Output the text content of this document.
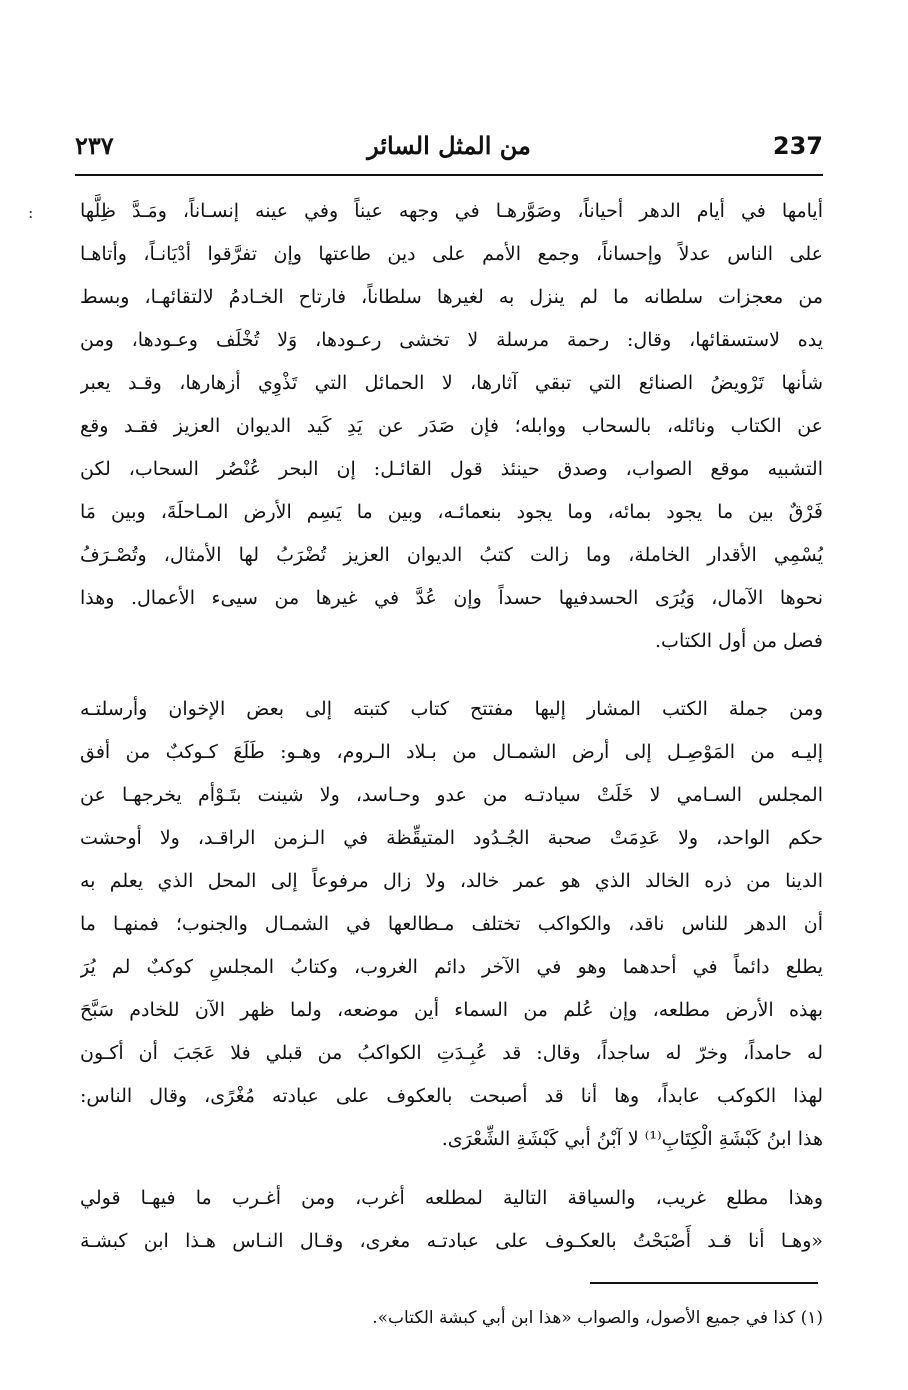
237
من المثل السائر
٢٣٧
: أيامها في أيام الدهر أحياناً، وصَوَّرهـا في وجهه عيناً وفي عينه إنسـاناً، ومَـدَّ ظِلَّها
على الناس عدلاً وإحساناً، وجمع الأمم على دين طاعتها وإن تفرَّقوا أدْيَانـاً، وأتاهـا
من معجزات سلطانه ما لم ينزل به لغيرها سلطاناً، فارتاح الخـادمُ لالتقائهـا، وبسط
يده لاستسقائها، وقال: رحمة مرسلة لا تخشى رعـودها، وَلا تُخْلَف وعـودها، ومن
شأنها تَرْويضُ الصنائع التي تبقي آثارها، لا الحمائل التي تَذْوِي أزهارها، وقـد يعبر
عن الكتاب ونائله، بالسحاب ووابله؛ فإن صَدَر عن يَدِ كَيد الديوان العزيز فقـد وقع
التشبيه موقع الصواب، وصدق حينئذ قول القائـل: إن البحر عُنْصُر السحاب، لكن
فَرْقٌ بين ما يجود بمائه، وما يجود بنعمائـه، وبين ما يَسِم الأرض المـاحلَةَ، وبين مَا
يُسْمِي الأقدار الخاملة، وما زالت كتبُ الديوان العزيز تُضْرَبُ لها الأمثال، وتُصْـرَفُ
نحوها الآمال، وَيُرَى الحسدفيها حسداً وإن عُدَّ في غيرها من سيىء الأعمال. وهذا
فصل من أول الكتاب.
ومن جملة الكتب المشار إليها مفتتح كتاب كتبته إلى بعض الإخوان وأرسلتـه
إليـه من المَوْصِـل إلى أرض الشمـال من بـلاد الـروم، وهـو: طَلَعَ كـوكبٌ من أفق
المجلس السـامي لا خَلَتْ سيادتـه من عدو وحـاسد، ولا شينت بتَـوْأم يخرجهـا عن
حكم الواحد، ولا عَدِمَتْ صحبة الجُـدُود المتيقِّظة في الـزمن الراقـد، ولا أوحشت
الدينا من ذره الخالد الذي هو عمر خالد، ولا زال مرفوعاً إلى المحل الذي يعلم به
أن الدهر للناس ناقد، والكواكب تختلف مـطالعها في الشمـال والجنوب؛ فمنهـا ما
يطلع دائماً في أحدهما وهو في الآخر دائم الغروب، وكتابُ المجلسِ كوكبٌ لم يُرَ
بهذه الأرض مطلعه، وإن عُلم من السماء أين موضعه، ولما ظهر الآن للخادم سَبَّحَ
له حامداً، وخرّ له ساجداً، وقال: قد عُبِـدَتِ الكواكبُ من قبلي فلا عَجَبَ أن أكـون
لهذا الكوكب عابداً، وها أنا قد أصبحت بالعكوف على عبادته مُغْرًى، وقال الناس:
هذا ابنُ كَبْشَةِ الْكِتَابِ⁽¹⁾ لا آبْنُ أبي كَبْشَةِ الشِّعْرَى.
وهذا مطلع غريب، والسياقة التالية لمطلعه أغرب، ومن أغـرب ما فيهـا قولي
«وهـا أنا قـد أَصْبَحْتُ بالعكـوف على عبادتـه مغرى، وقـال النـاس هـذا ابن كبشـة
(١) كذا في جميع الأصول، والصواب «هذا ابن أبي كبشة الكتاب».
